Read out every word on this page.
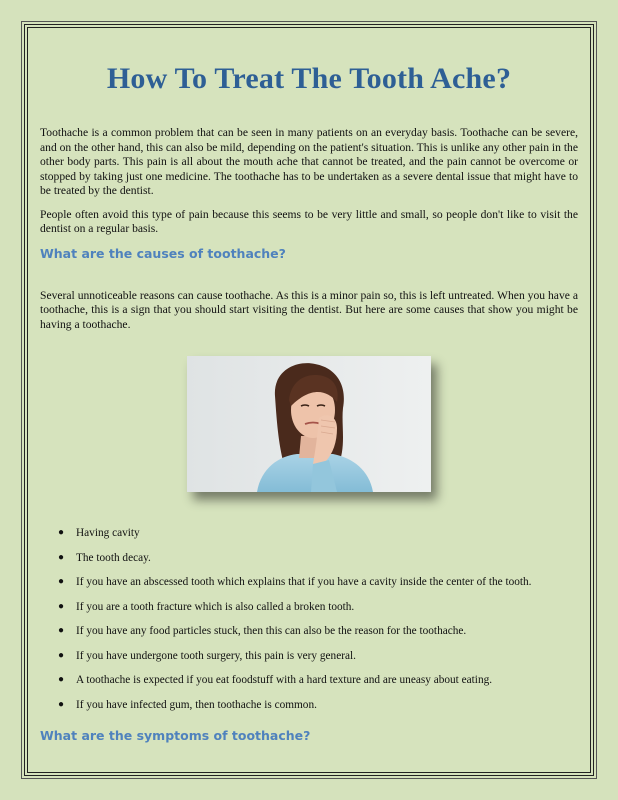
How To Treat The Tooth Ache?

Toothache is a common problem that can be seen in many patients on an everyday basis. Toothache can be severe, and on the other hand, this can also be mild, depending on the patient's situation. This is unlike any other pain in the other body parts. This pain is all about the mouth ache that cannot be treated, and the pain cannot be overcome or stopped by taking just one medicine. The toothache has to be undertaken as a severe dental issue that might have to be treated by the dentist.

People often avoid this type of pain because this seems to be very little and small, so people don't like to visit the dentist on a regular basis.

What are the causes of toothache?

Several unnoticeable reasons can cause toothache. As this is a minor pain so, this is left untreated. When you have a toothache, this is a sign that you should start visiting the dentist. But here are some causes that show you might be having a toothache.

● Having cavity
● The tooth decay.
● If you have an abscessed tooth which explains that if you have a cavity inside the center of the tooth.
● If you are a tooth fracture which is also called a broken tooth.
● If you have any food particles stuck, then this can also be the reason for the toothache.
● If you have undergone tooth surgery, this pain is very general.
● A toothache is expected if you eat foodstuff with a hard texture and are uneasy about eating.
● If you have infected gum, then toothache is common.
What are the symptoms of toothache?
